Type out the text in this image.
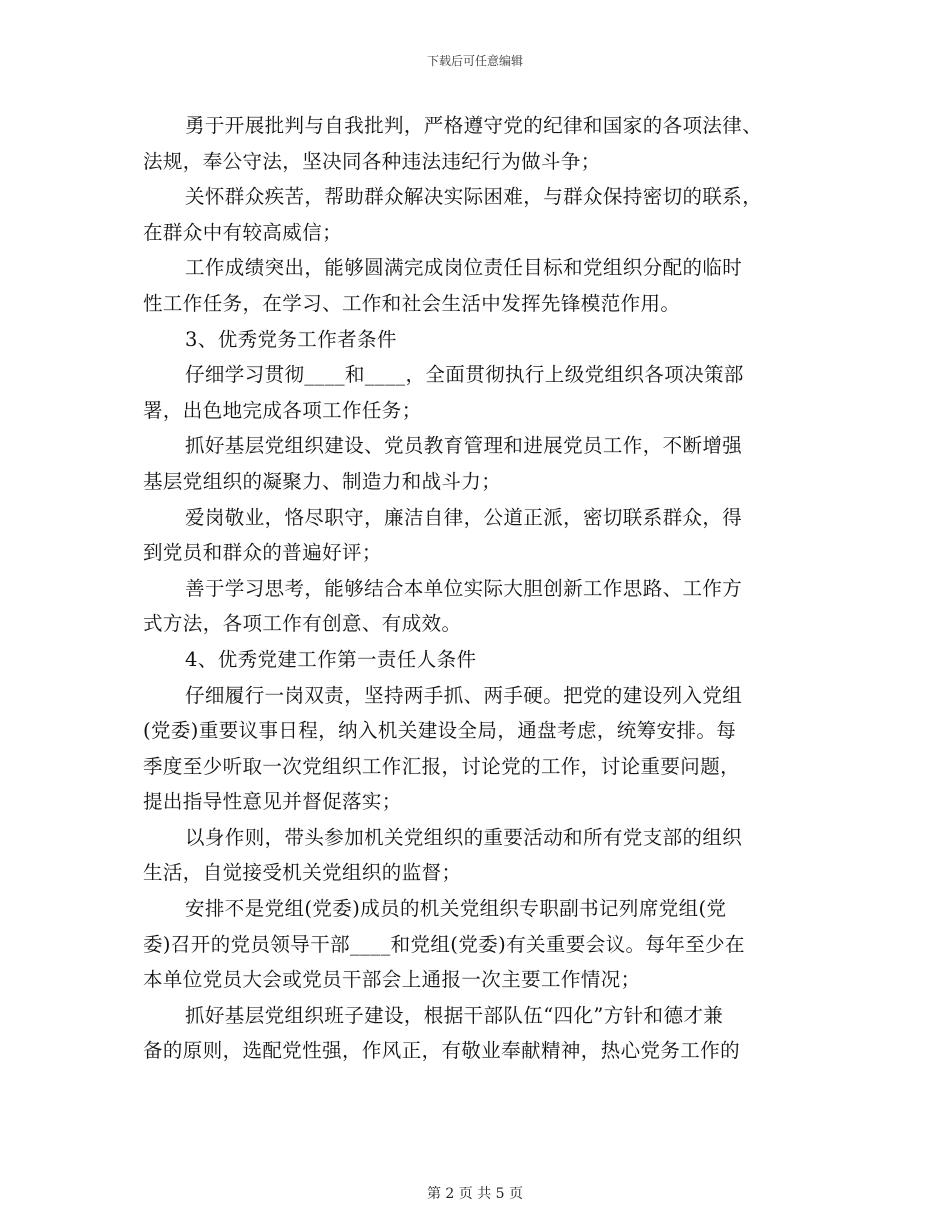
下载后可任意编辑
勇于开展批判与自我批判，严格遵守党的纪律和国家的各项法律、
法规，奉公守法，坚决同各种违法违纪行为做斗争；
关怀群众疾苦，帮助群众解决实际困难，与群众保持密切的联系，
在群众中有较高威信；
工作成绩突出，能够圆满完成岗位责任目标和党组织分配的临时
性工作任务，在学习、工作和社会生活中发挥先锋模范作用。
3、优秀党务工作者条件
仔细学习贯彻____和____，全面贯彻执行上级党组织各项决策部
署，出色地完成各项工作任务；
抓好基层党组织建设、党员教育管理和进展党员工作，不断增强
基层党组织的凝聚力、制造力和战斗力；
爱岗敬业，恪尽职守，廉洁自律，公道正派，密切联系群众，得
到党员和群众的普遍好评；
善于学习思考，能够结合本单位实际大胆创新工作思路、工作方
式方法，各项工作有创意、有成效。
4、优秀党建工作第一责任人条件
仔细履行一岗双责，坚持两手抓、两手硬。把党的建设列入党组
(党委)重要议事日程，纳入机关建设全局，通盘考虑，统筹安排。每
季度至少听取一次党组织工作汇报，讨论党的工作，讨论重要问题，
提出指导性意见并督促落实；
以身作则，带头参加机关党组织的重要活动和所有党支部的组织
生活，自觉接受机关党组织的监督；
安排不是党组(党委)成员的机关党组织专职副书记列席党组(党
委)召开的党员领导干部____和党组(党委)有关重要会议。每年至少在
本单位党员大会或党员干部会上通报一次主要工作情况；
抓好基层党组织班子建设，根据干部队伍“四化”方针和德才兼
备的原则，选配党性强，作风正，有敬业奉献精神，热心党务工作的
第 2 页 共 5 页
